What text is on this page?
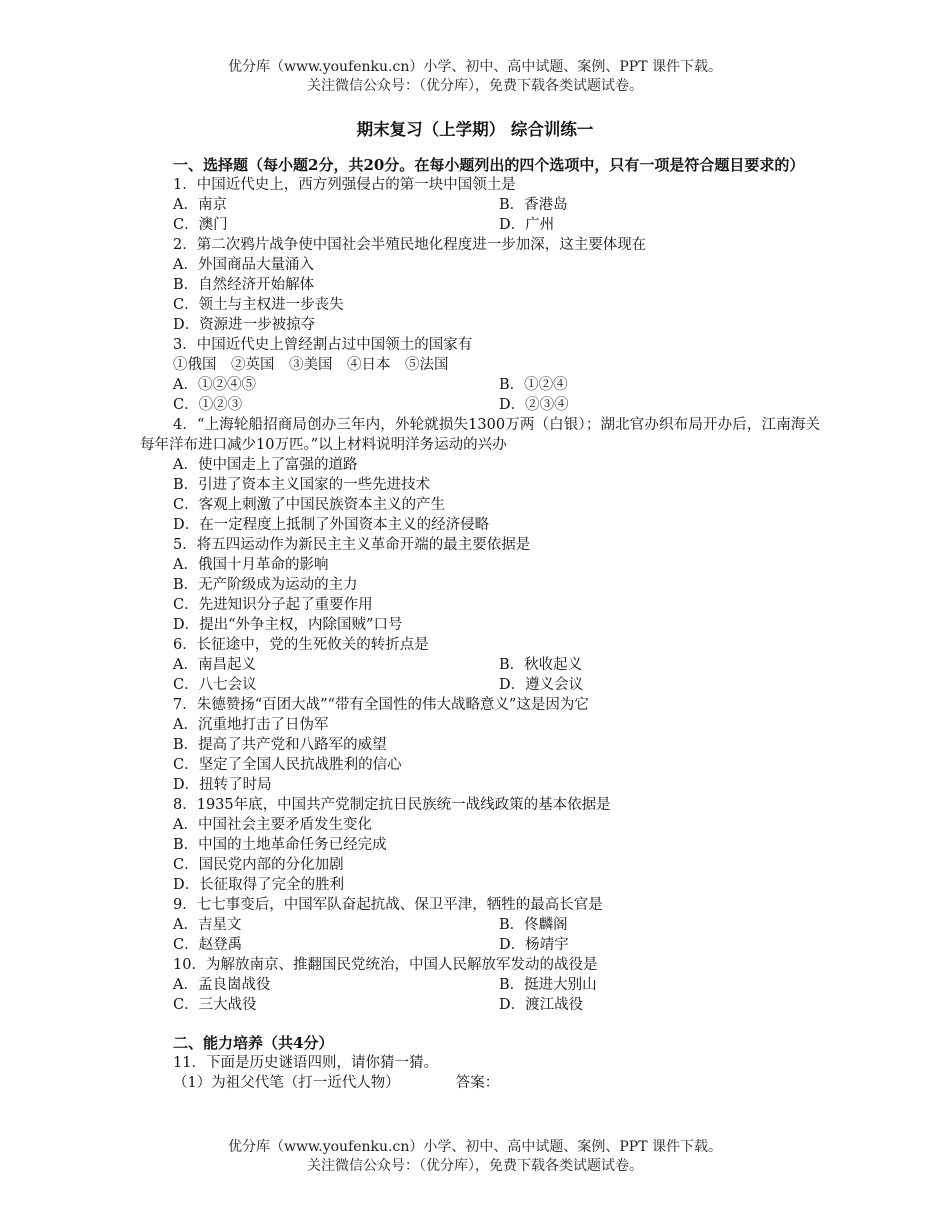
优分库（www.youfenku.cn）小学、初中、高中试题、案例、PPT 课件下载。
关注微信公众号：（优分库），免费下载各类试题试卷。
期末复习（上学期） 综合训练一
一、选择题（每小题2分，共20分。在每小题列出的四个选项中，只有一项是符合题目要求的）
1．中国近代史上，西方列强侵占的第一块中国领土是
A．南京	B．香港岛
C．澳门	D．广州
2．第二次鸦片战争使中国社会半殖民地化程度进一步加深，这主要体现在
A．外国商品大量涌入
B．自然经济开始解体
C．领土与主权进一步丧失
D．资源进一步被掠夺
3．中国近代史上曾经割占过中国领土的国家有
①俄国　②英国　③美国　④日本　⑤法国
A．①②④⑤	B．①②④
C．①②③	D．②③④
4．“上海轮船招商局创办三年内，外轮就损失1300万两（白银）；湖北官办织布局开办后，江南海关每年洋布进口减少10万匹。”以上材料说明洋务运动的兴办
A．使中国走上了富强的道路
B．引进了资本主义国家的一些先进技术
C．客观上刺激了中国民族资本主义的产生
D．在一定程度上抵制了外国资本主义的经济侵略
5．将五四运动作为新民主主义革命开端的最主要依据是
A．俄国十月革命的影响
B．无产阶级成为运动的主力
C．先进知识分子起了重要作用
D．提出“外争主权，内除国贼”口号
6．长征途中，党的生死攸关的转折点是
A．南昌起义	B．秋收起义
C．八七会议	D．遵义会议
7．朱德赞扬“百团大战”“带有全国性的伟大战略意义”这是因为它
A．沉重地打击了日伪军
B．提高了共产党和八路军的威望
C．坚定了全国人民抗战胜利的信心
D．扭转了时局
8．1935年底，中国共产党制定抗日民族统一战线政策的基本依据是
A．中国社会主要矛盾发生变化
B．中国的土地革命任务已经完成
C．国民党内部的分化加剧
D．长征取得了完全的胜利
9．七七事变后，中国军队奋起抗战、保卫平津，牺牲的最高长官是
A．吉星文	B．佟麟阁
C．赵登禹	D．杨靖宇
10．为解放南京、推翻国民党统治，中国人民解放军发动的战役是
A．孟良崮战役	B．挺进大别山
C．三大战役	D．渡江战役
二、能力培养（共4分）
11．下面是历史谜语四则，请你猜一猜。
（1）为祖父代笔（打一近代人物）	答案：
优分库（www.youfenku.cn）小学、初中、高中试题、案例、PPT 课件下载。
关注微信公众号：（优分库），免费下载各类试题试卷。
